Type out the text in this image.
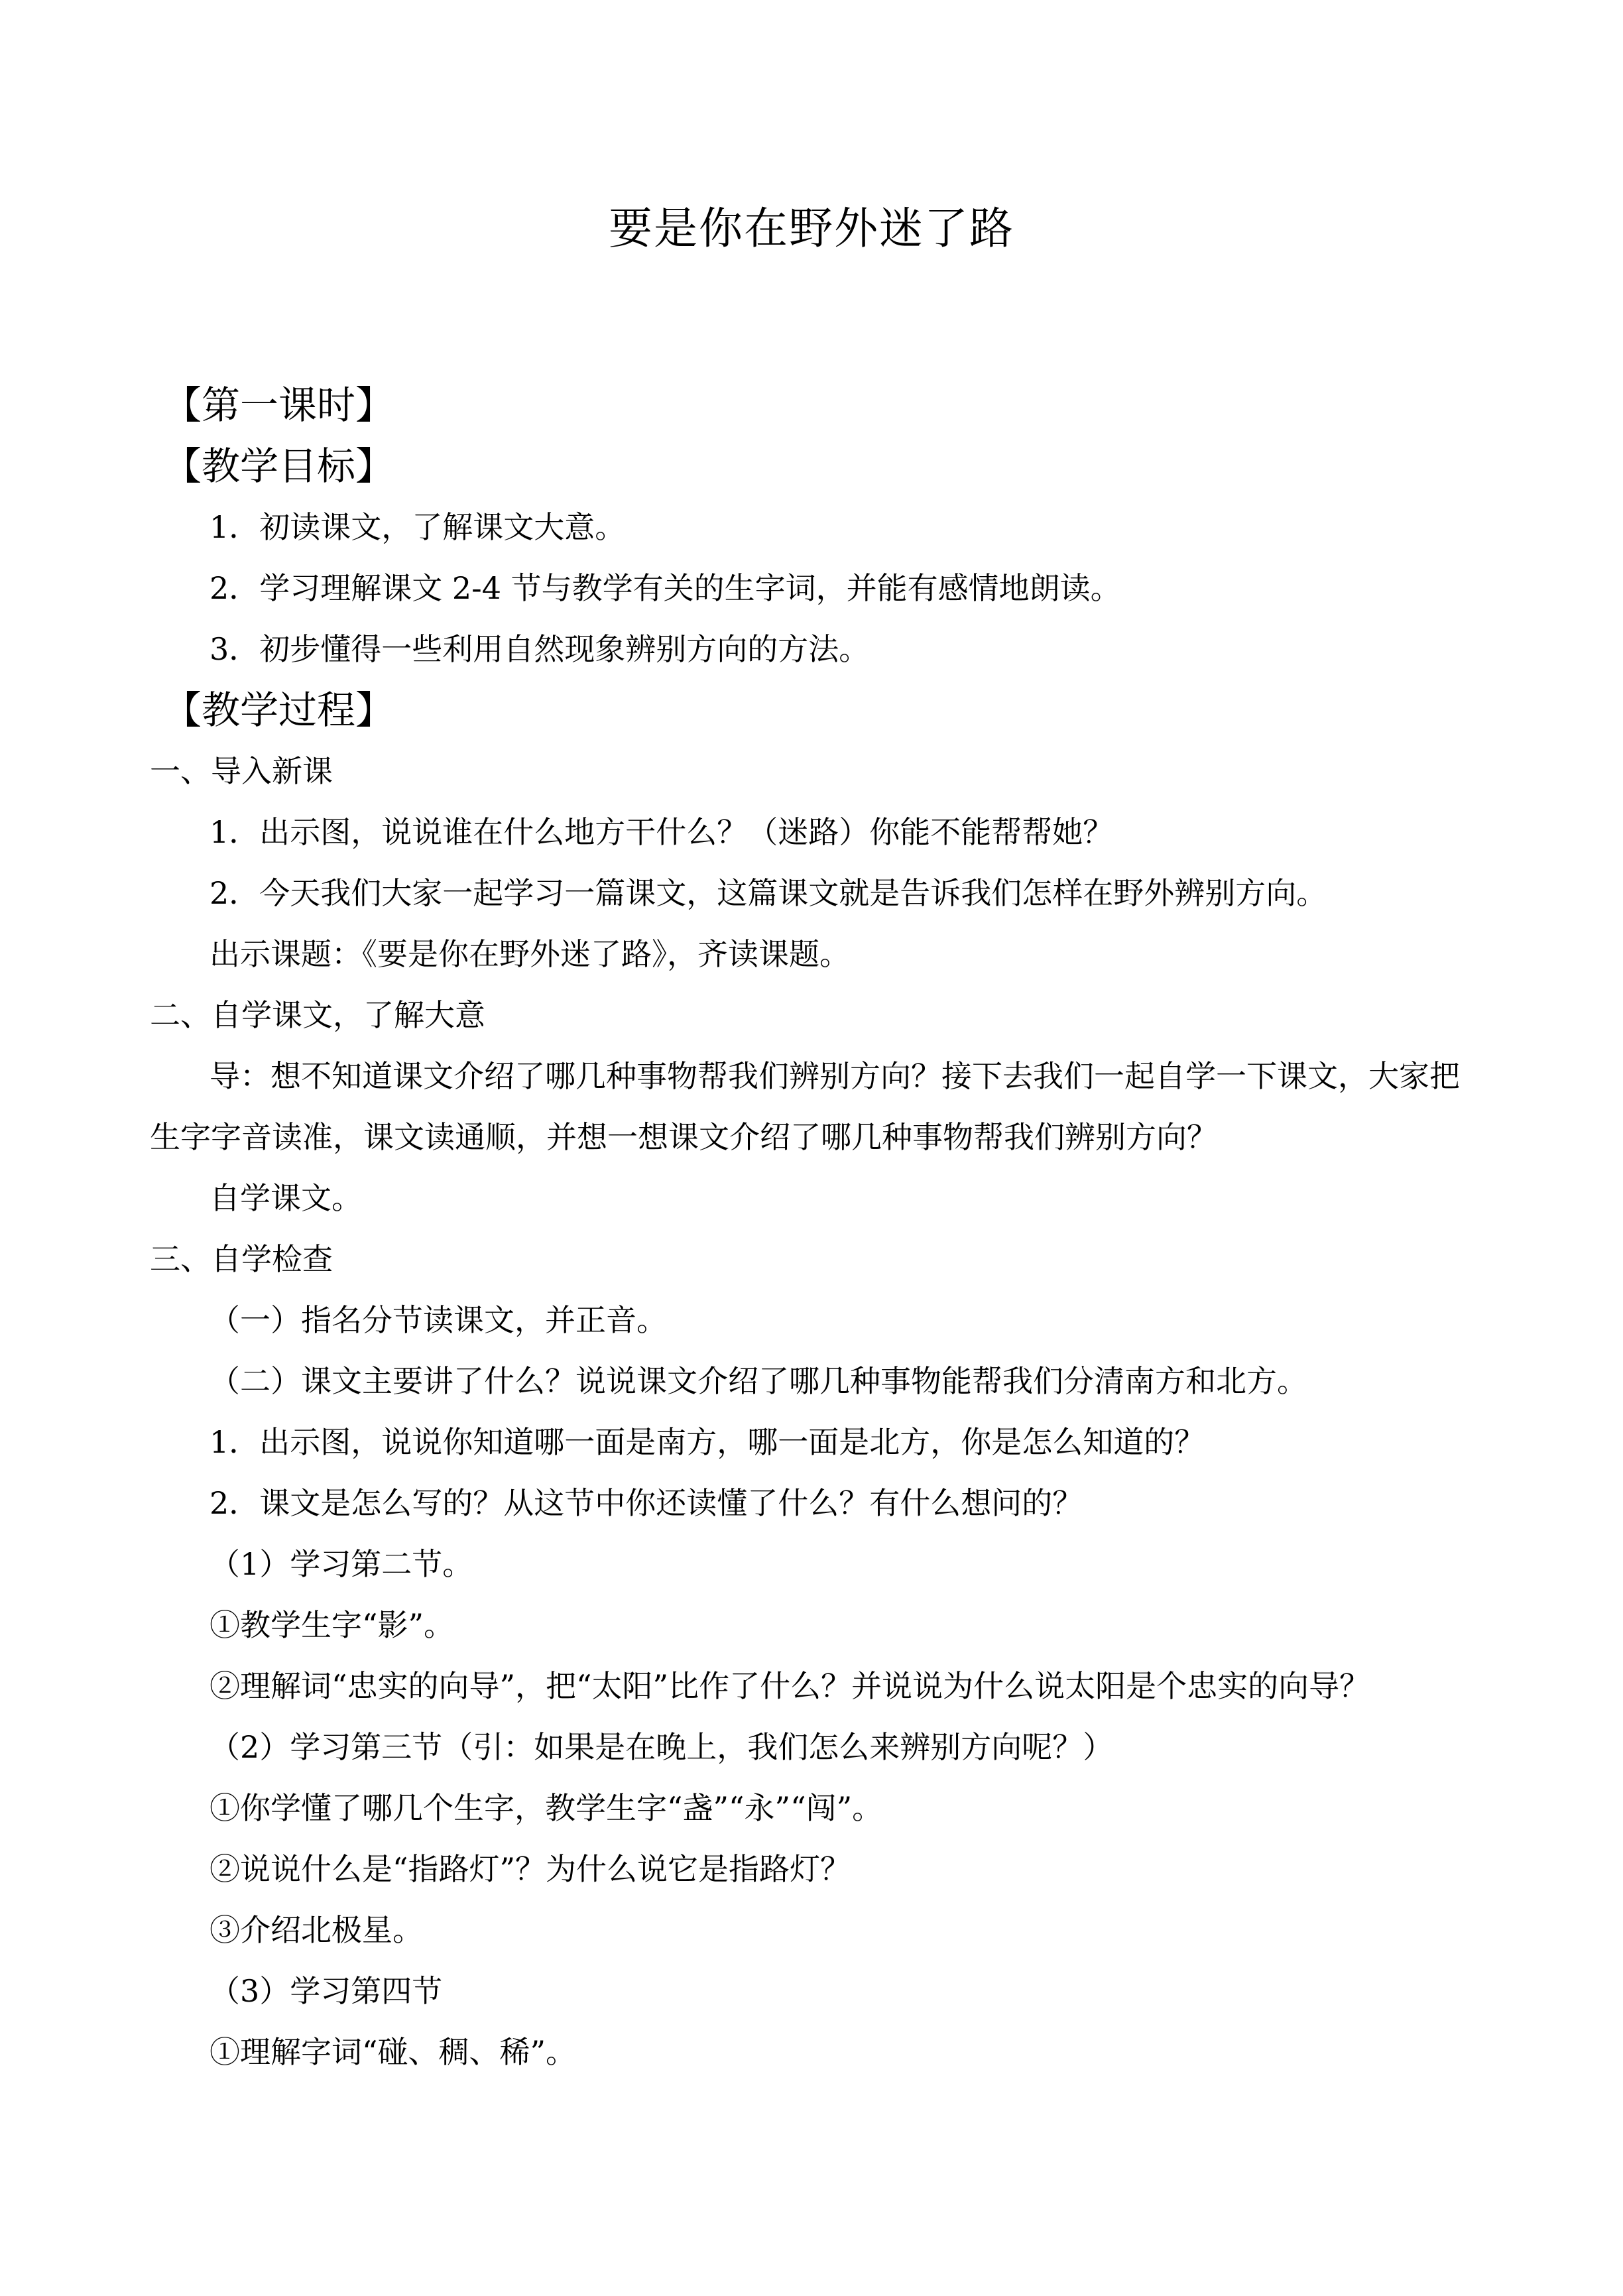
要是你在野外迷了路
【第一课时】
【教学目标】
1．初读课文，了解课文大意。
2．学习理解课文 2-4 节与教学有关的生字词，并能有感情地朗读。
3．初步懂得一些利用自然现象辨别方向的方法。
【教学过程】
一、导入新课
1．出示图，说说谁在什么地方干什么？（迷路）你能不能帮帮她？
2．今天我们大家一起学习一篇课文，这篇课文就是告诉我们怎样在野外辨别方向。
出示课题：《要是你在野外迷了路》，齐读课题。
二、自学课文，了解大意
导：想不知道课文介绍了哪几种事物帮我们辨别方向？接下去我们一起自学一下课文，大家把生字字音读准，课文读通顺，并想一想课文介绍了哪几种事物帮我们辨别方向？
自学课文。
三、自学检查
（一）指名分节读课文，并正音。
（二）课文主要讲了什么？说说课文介绍了哪几种事物能帮我们分清南方和北方。
1．出示图，说说你知道哪一面是南方，哪一面是北方，你是怎么知道的？
2．课文是怎么写的？从这节中你还读懂了什么？有什么想问的？
（1）学习第二节。
①教学生字“影”。
②理解词“忠实的向导”，把“太阳”比作了什么？并说说为什么说太阳是个忠实的向导？
（2）学习第三节（引：如果是在晚上，我们怎么来辨别方向呢？）
①你学懂了哪几个生字，教学生字“盏”“永”“闯”。
②说说什么是“指路灯”？为什么说它是指路灯？
③介绍北极星。
（3）学习第四节
①理解字词“碰、稠、稀”。
